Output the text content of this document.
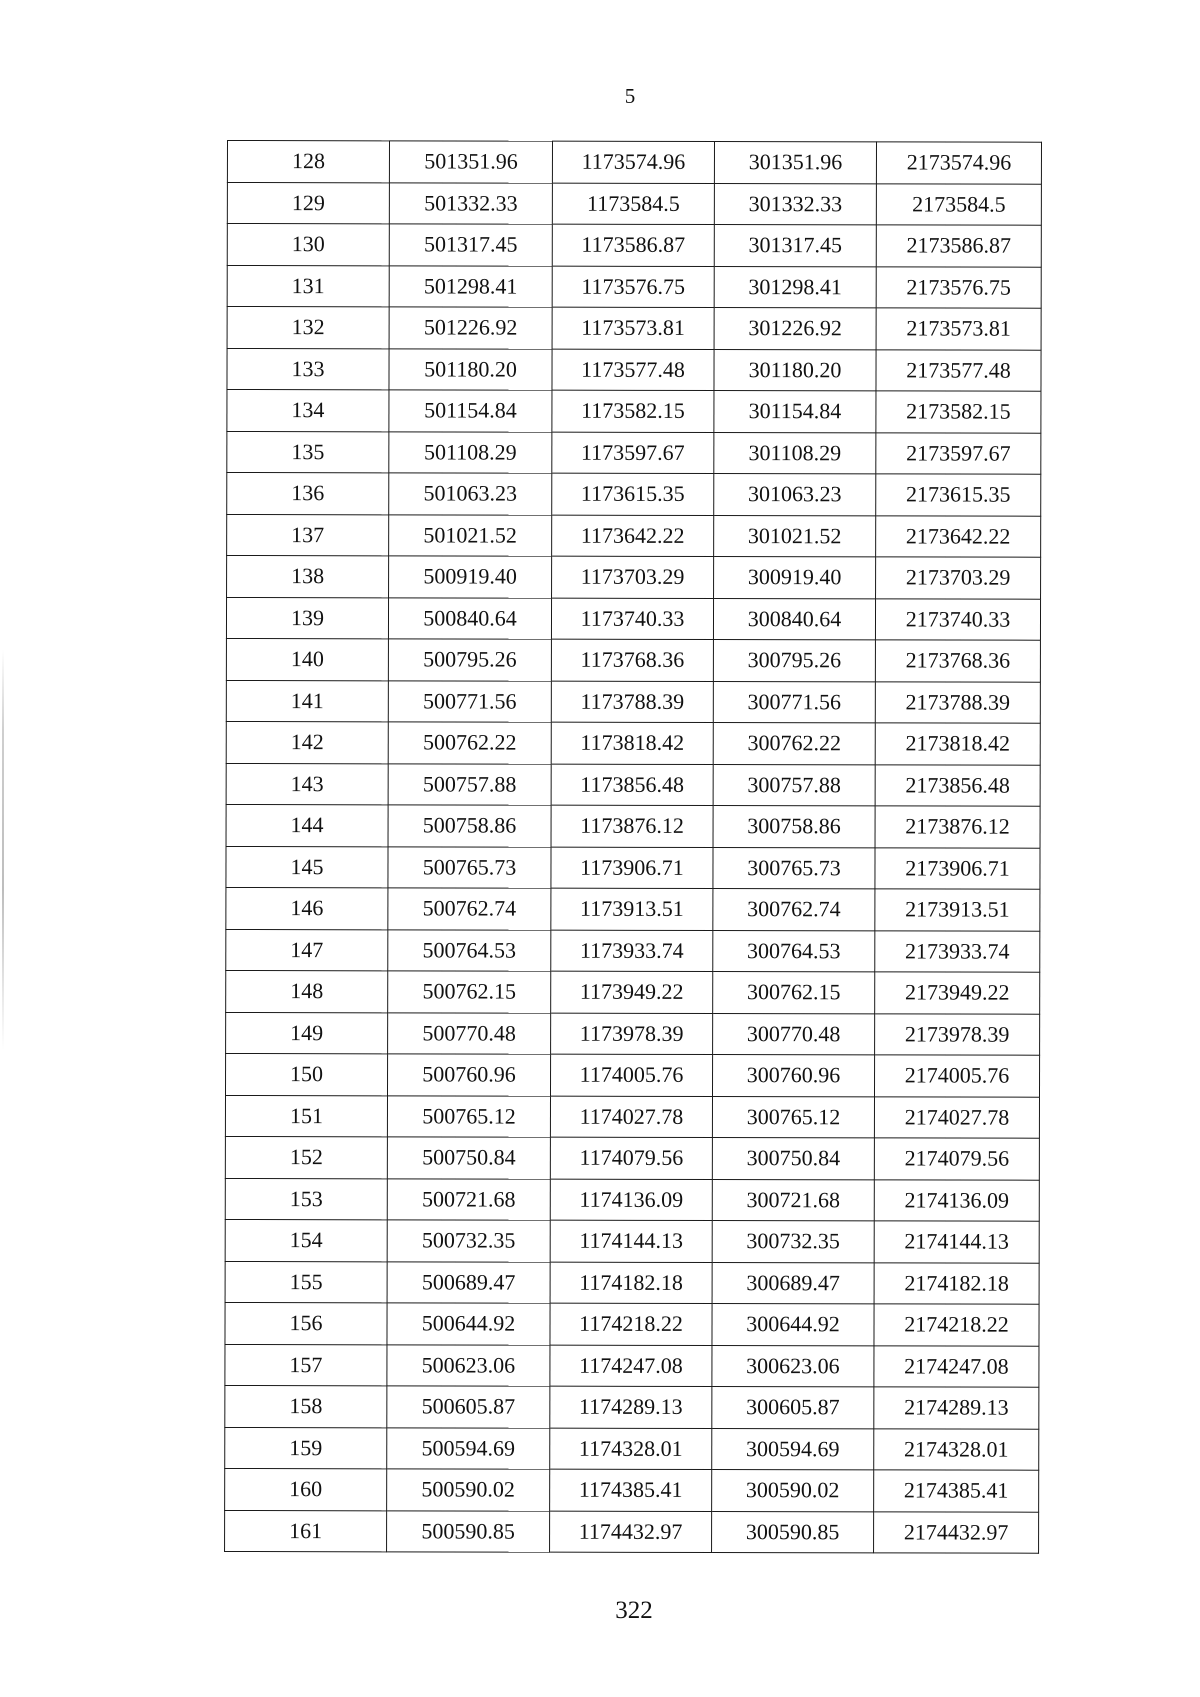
5
128	501351.96	1173574.96	301351.96	2173574.96
129	501332.33	1173584.5	301332.33	2173584.5
130	501317.45	1173586.87	301317.45	2173586.87
131	501298.41	1173576.75	301298.41	2173576.75
132	501226.92	1173573.81	301226.92	2173573.81
133	501180.20	1173577.48	301180.20	2173577.48
134	501154.84	1173582.15	301154.84	2173582.15
135	501108.29	1173597.67	301108.29	2173597.67
136	501063.23	1173615.35	301063.23	2173615.35
137	501021.52	1173642.22	301021.52	2173642.22
138	500919.40	1173703.29	300919.40	2173703.29
139	500840.64	1173740.33	300840.64	2173740.33
140	500795.26	1173768.36	300795.26	2173768.36
141	500771.56	1173788.39	300771.56	2173788.39
142	500762.22	1173818.42	300762.22	2173818.42
143	500757.88	1173856.48	300757.88	2173856.48
144	500758.86	1173876.12	300758.86	2173876.12
145	500765.73	1173906.71	300765.73	2173906.71
146	500762.74	1173913.51	300762.74	2173913.51
147	500764.53	1173933.74	300764.53	2173933.74
148	500762.15	1173949.22	300762.15	2173949.22
149	500770.48	1173978.39	300770.48	2173978.39
150	500760.96	1174005.76	300760.96	2174005.76
151	500765.12	1174027.78	300765.12	2174027.78
152	500750.84	1174079.56	300750.84	2174079.56
153	500721.68	1174136.09	300721.68	2174136.09
154	500732.35	1174144.13	300732.35	2174144.13
155	500689.47	1174182.18	300689.47	2174182.18
156	500644.92	1174218.22	300644.92	2174218.22
157	500623.06	1174247.08	300623.06	2174247.08
158	500605.87	1174289.13	300605.87	2174289.13
159	500594.69	1174328.01	300594.69	2174328.01
160	500590.02	1174385.41	300590.02	2174385.41
161	500590.85	1174432.97	300590.85	2174432.97
322
